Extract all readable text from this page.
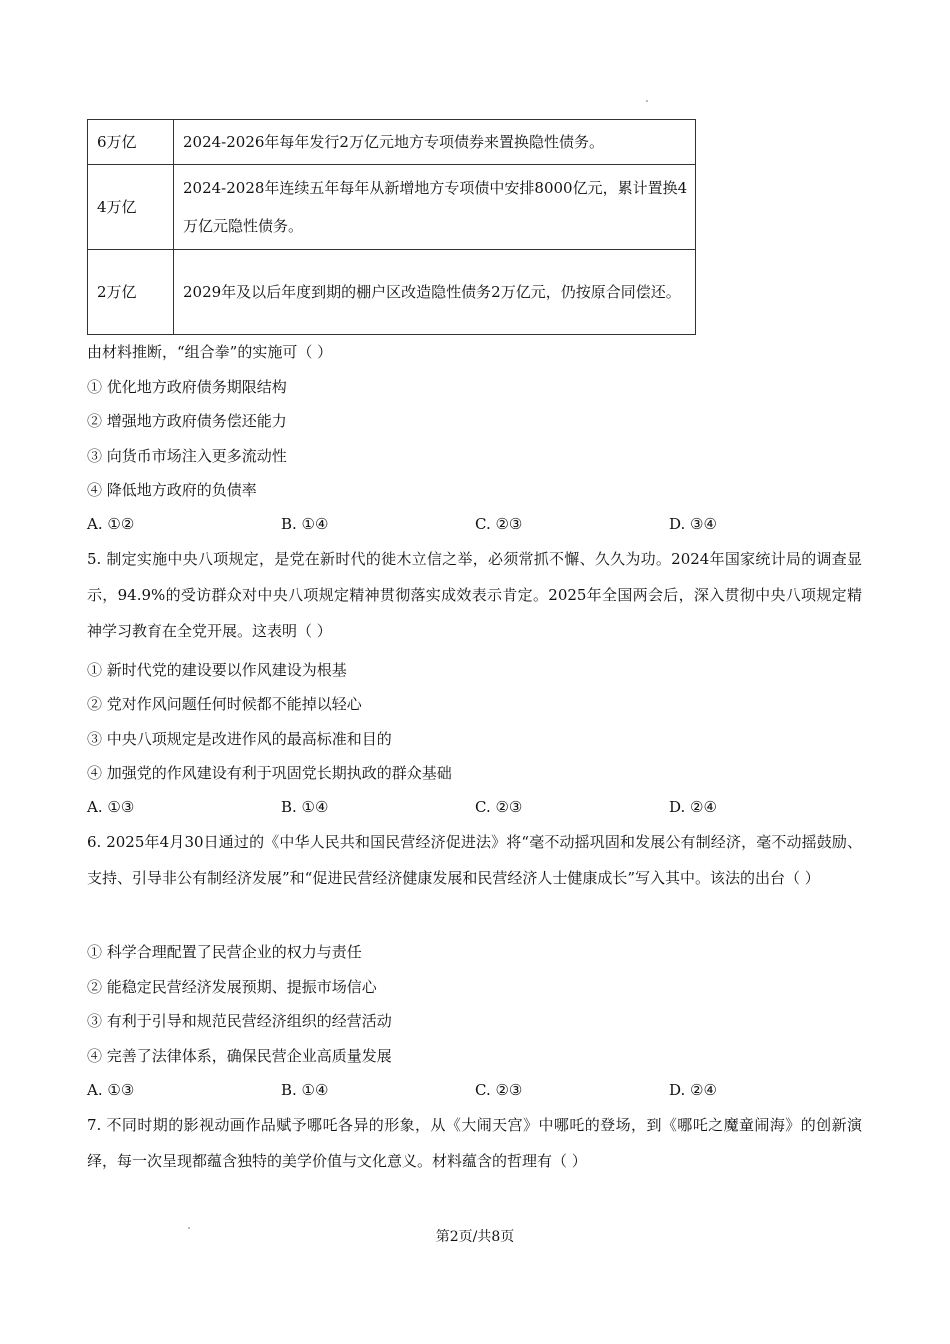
6万亿	2024-2026年每年发行2万亿元地方专项债券来置换隐性债务。
4万亿	2024-2028年连续五年每年从新增地方专项债中安排8000亿元，累计置换4万亿元隐性债务。
2万亿	2029年及以后年度到期的棚户区改造隐性债务2万亿元，仍按原合同偿还。
由材料推断，“组合拳”的实施可（ ）
① 优化地方政府债务期限结构
② 增强地方政府债务偿还能力
③ 向货币市场注入更多流动性
④ 降低地方政府的负债率
A. ①②	B. ①④	C. ②③	D. ③④
5. 制定实施中央八项规定，是党在新时代的徙木立信之举，必须常抓不懈、久久为功。2024年国家统计局的调查显示，94.9%的受访群众对中央八项规定精神贯彻落实成效表示肯定。2025年全国两会后，深入贯彻中央八项规定精神学习教育在全党开展。这表明（ ）
① 新时代党的建设要以作风建设为根基
② 党对作风问题任何时候都不能掉以轻心
③ 中央八项规定是改进作风的最高标准和目的
④ 加强党的作风建设有利于巩固党长期执政的群众基础
A. ①③	B. ①④	C. ②③	D. ②④
6. 2025年4月30日通过的《中华人民共和国民营经济促进法》将“毫不动摇巩固和发展公有制经济，毫不动摇鼓励、支持、引导非公有制经济发展”和“促进民营经济健康发展和民营经济人士健康成长”写入其中。该法的出台（ ）
① 科学合理配置了民营企业的权力与责任
② 能稳定民营经济发展预期、提振市场信心
③ 有利于引导和规范民营经济组织的经营活动
④ 完善了法律体系，确保民营企业高质量发展
A. ①③	B. ①④	C. ②③	D. ②④
7. 不同时期的影视动画作品赋予哪吒各异的形象，从《大闹天宫》中哪吒的登场，到《哪吒之魔童闹海》的创新演绎，每一次呈现都蕴含独特的美学价值与文化意义。材料蕴含的哲理有（ ）
第2页/共8页
